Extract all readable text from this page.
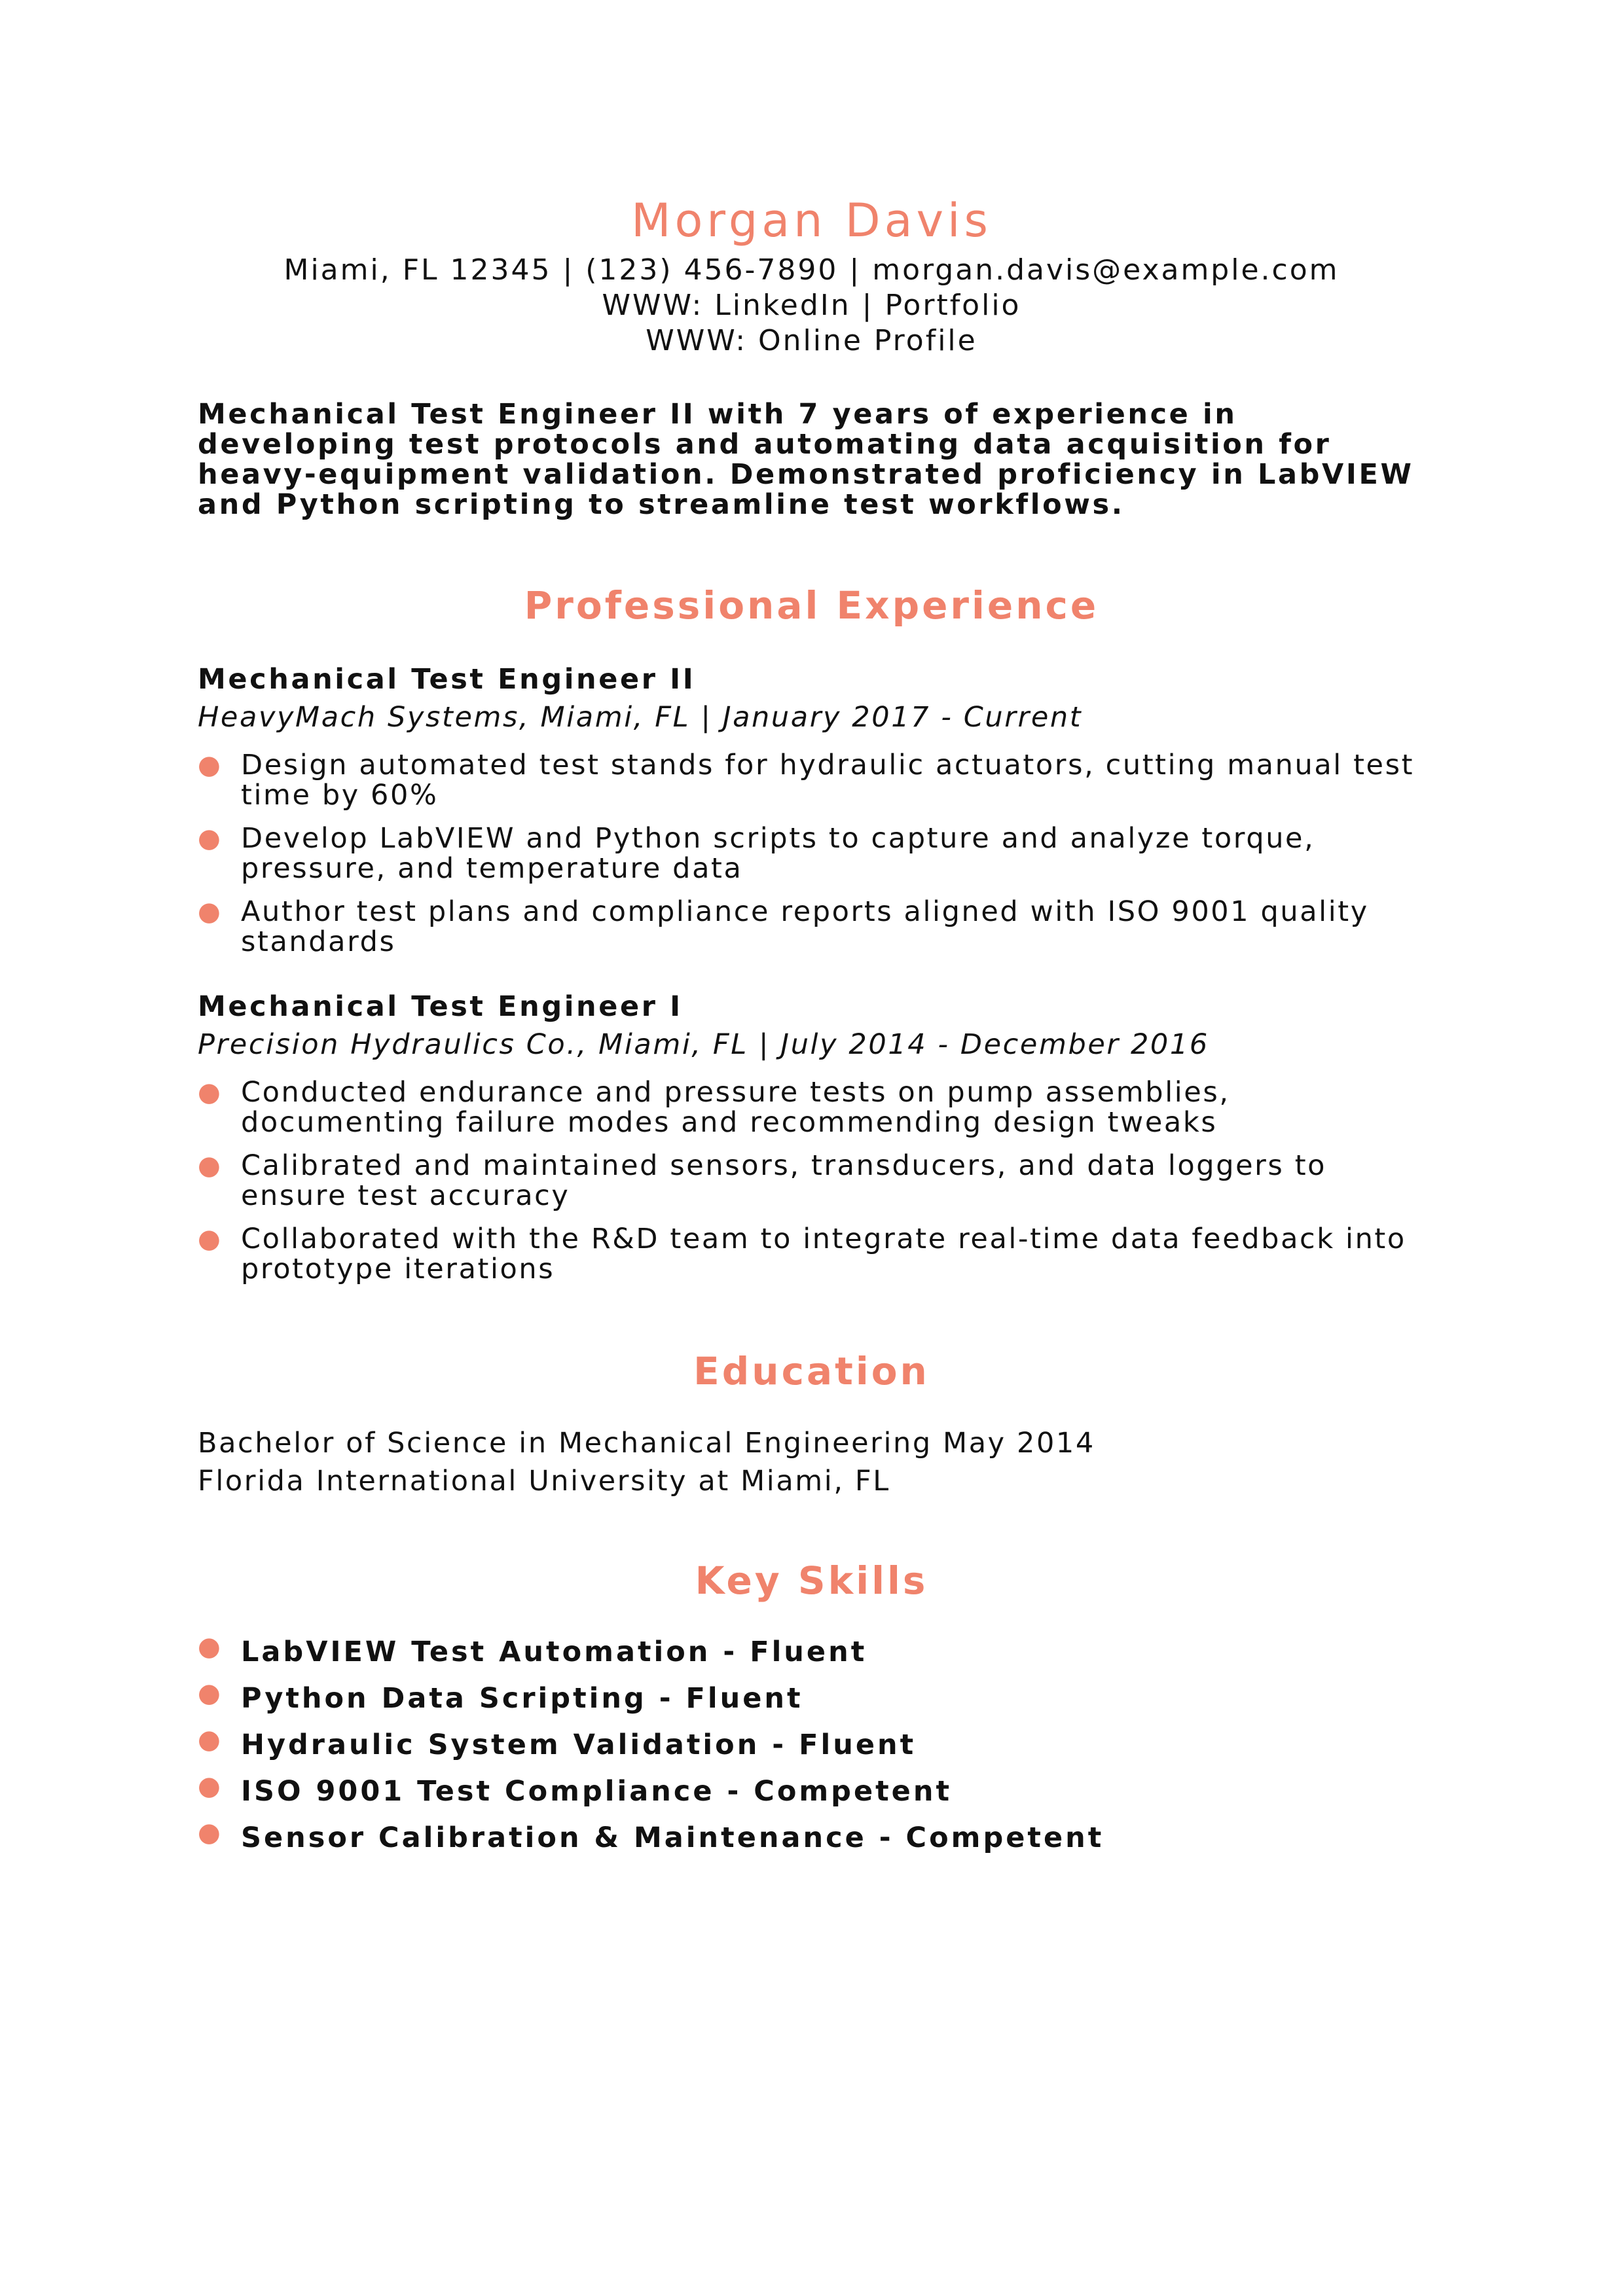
Morgan Davis
Miami, FL 12345 | (123) 456-7890 | morgan.davis@example.com
WWW: LinkedIn | Portfolio
WWW: Online Profile
Mechanical Test Engineer II with 7 years of experience in developing test protocols and automating data acquisition for heavy-equipment validation. Demonstrated proficiency in LabVIEW and Python scripting to streamline test workflows.
Professional Experience
Mechanical Test Engineer II
HeavyMach Systems, Miami, FL | January 2017 - Current
● Design automated test stands for hydraulic actuators, cutting manual test time by 60%
● Develop LabVIEW and Python scripts to capture and analyze torque, pressure, and temperature data
● Author test plans and compliance reports aligned with ISO 9001 quality standards
Mechanical Test Engineer I
Precision Hydraulics Co., Miami, FL | July 2014 - December 2016
● Conducted endurance and pressure tests on pump assemblies, documenting failure modes and recommending design tweaks
● Calibrated and maintained sensors, transducers, and data loggers to ensure test accuracy
● Collaborated with the R&D team to integrate real-time data feedback into prototype iterations
Education
Bachelor of Science in Mechanical Engineering May 2014
Florida International University at Miami, FL
Key Skills
● LabVIEW Test Automation - Fluent
● Python Data Scripting - Fluent
● Hydraulic System Validation - Fluent
● ISO 9001 Test Compliance - Competent
● Sensor Calibration & Maintenance - Competent
